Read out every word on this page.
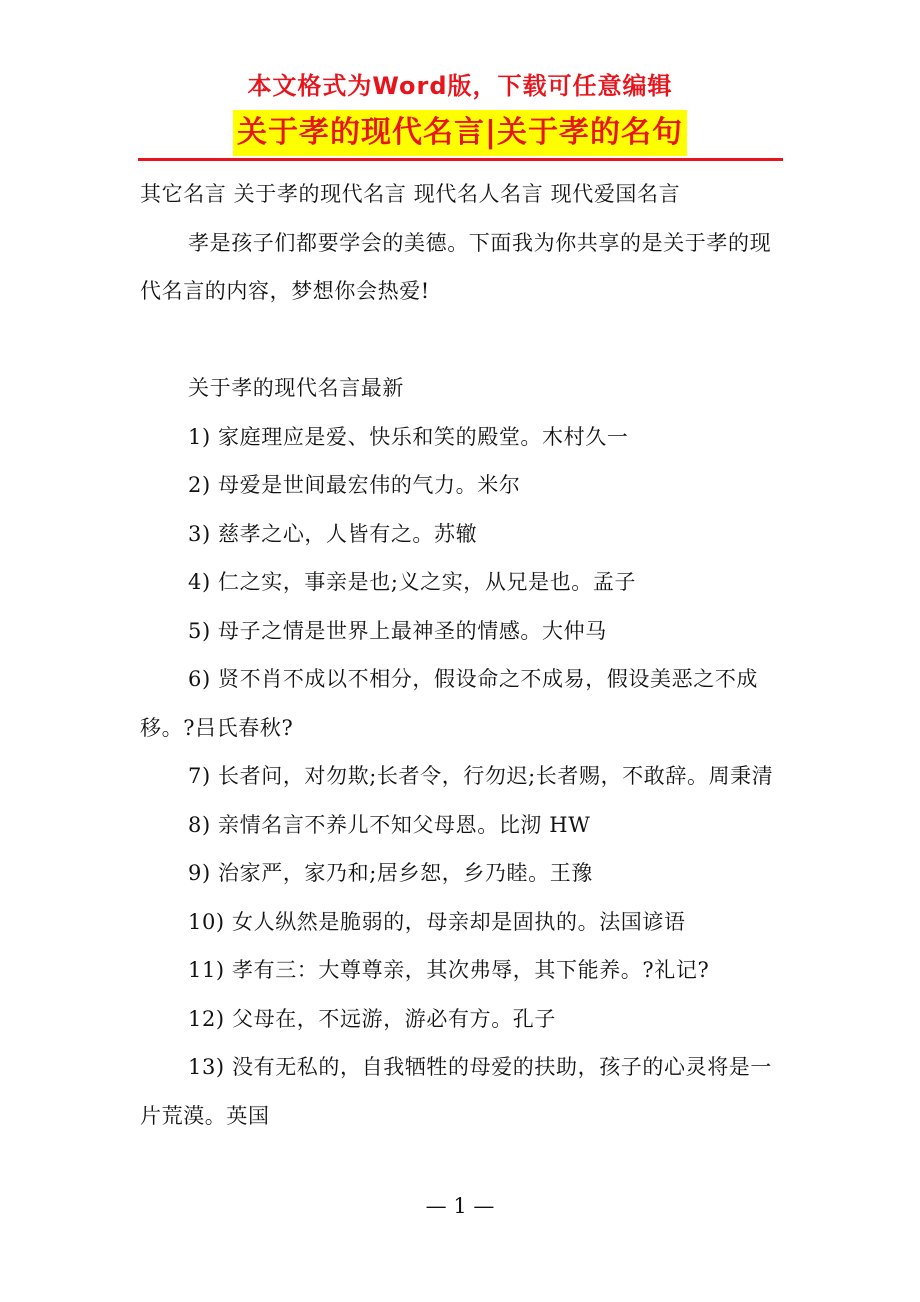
本文格式为Word版，下载可任意编辑
关于孝的现代名言|关于孝的名句

其它名言 关于孝的现代名言 现代名人名言 现代爱国名言

孝是孩子们都要学会的美德。下面我为你共享的是关于孝的现代名言的内容，梦想你会热爱!

关于孝的现代名言最新

1) 家庭理应是爱、快乐和笑的殿堂。木村久一

2) 母爱是世间最宏伟的气力。米尔

3) 慈孝之心，人皆有之。苏辙

4) 仁之实，事亲是也;义之实，从兄是也。孟子

5) 母子之情是世界上最神圣的情感。大仲马

6) 贤不肖不成以不相分，假设命之不成易，假设美恶之不成移。?吕氏春秋?

7) 长者问，对勿欺;长者令，行勿迟;长者赐，不敢辞。周秉清

8) 亲情名言不养儿不知父母恩。比沏 HW

9) 治家严，家乃和;居乡恕，乡乃睦。王豫

10) 女人纵然是脆弱的，母亲却是固执的。法国谚语

11) 孝有三：大尊尊亲，其次弗辱，其下能养。?礼记?

12) 父母在，不远游，游必有方。孔子

13) 没有无私的，自我牺牲的母爱的扶助，孩子的心灵将是一片荒漠。英国

— 1 —
